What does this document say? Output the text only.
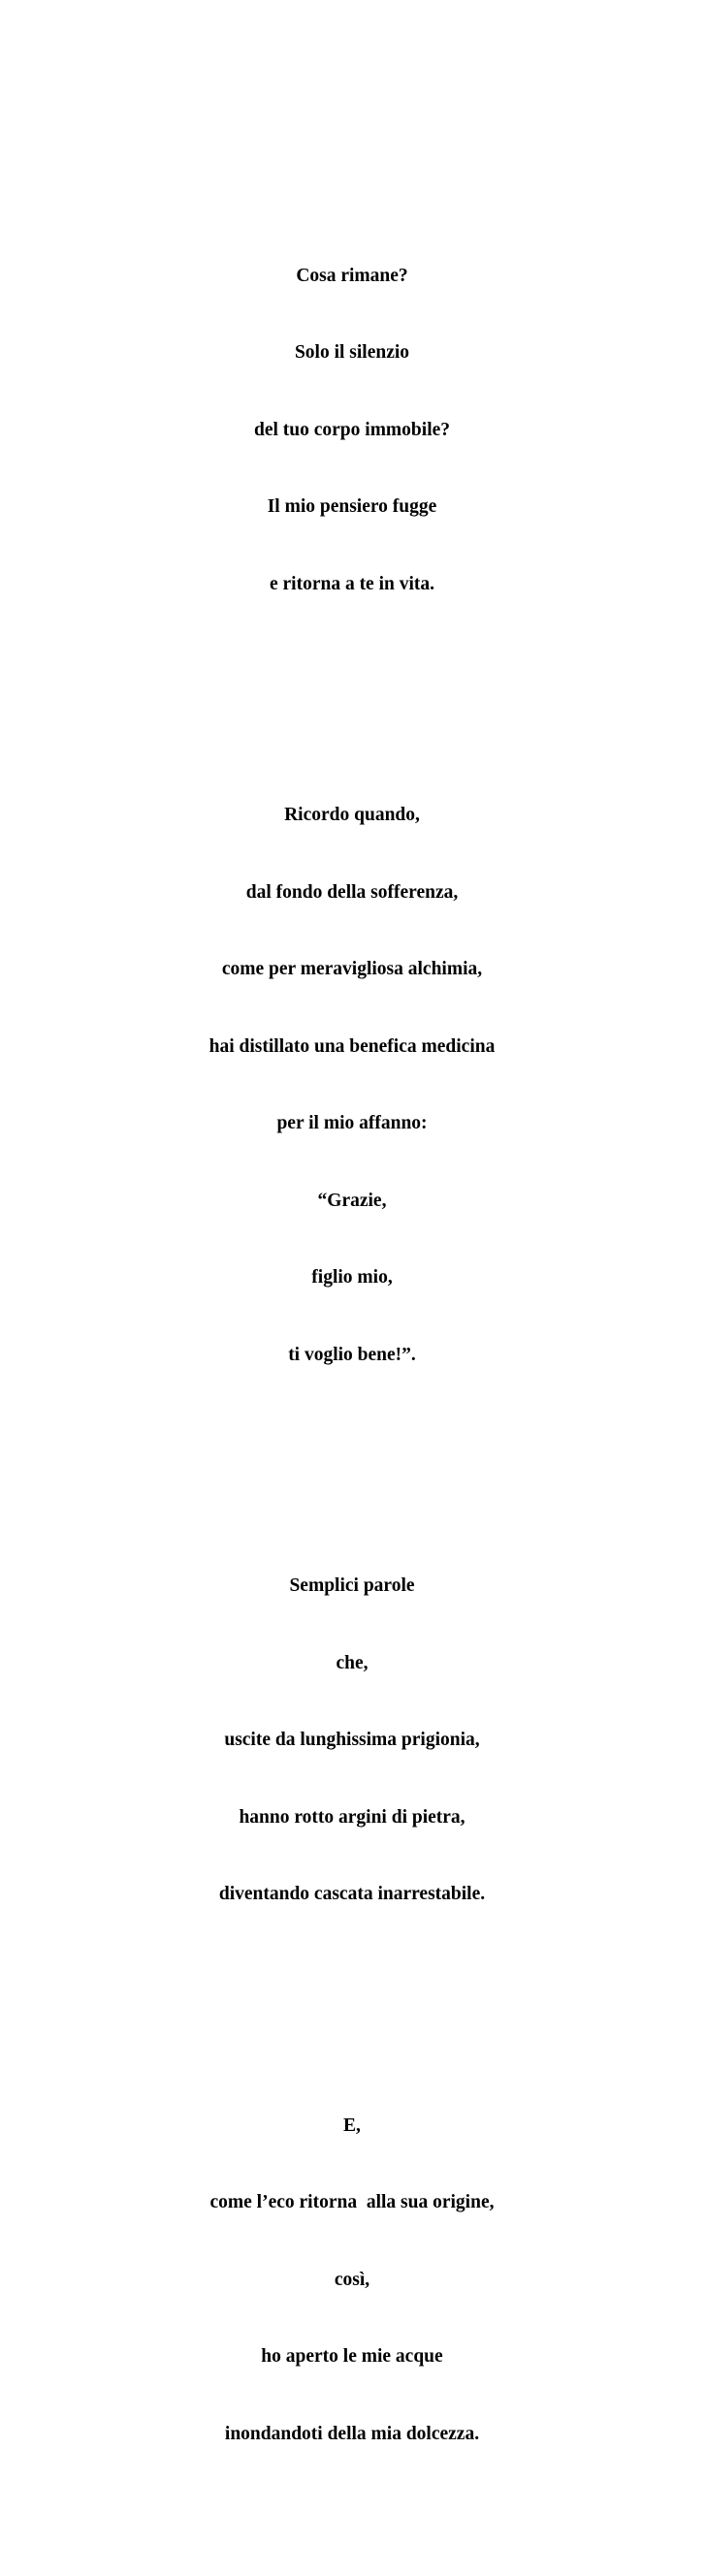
Cosa rimane?

Solo il silenzio

del tuo corpo immobile?

Il mio pensiero fugge

e ritorna a te in vita.

Ricordo quando,

dal fondo della sofferenza,

come per meravigliosa alchimia,

hai distillato una benefica medicina

per il mio affanno:

“Grazie,

figlio mio,

ti voglio bene!”.

Semplici parole

che,

uscite da lunghissima prigionia,

hanno rotto argini di pietra,

diventando cascata inarrestabile.

E,

come l’eco ritorna  alla sua origine,

così,

ho aperto le mie acque

inondandoti della mia dolcezza.
